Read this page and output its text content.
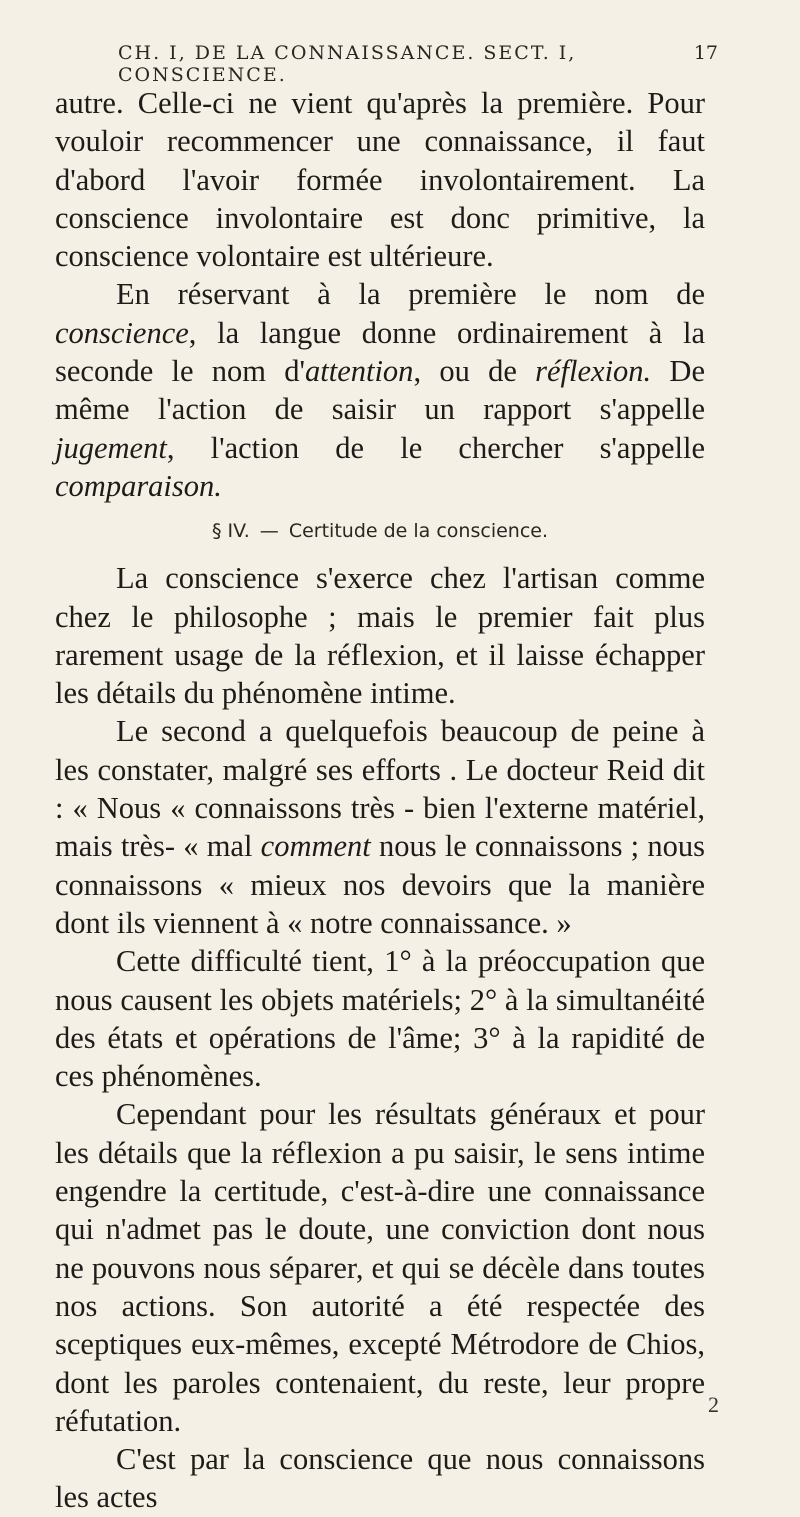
CH. I, DE LA CONNAISSANCE. SECT. I, CONSCIENCE.
17

autre. Celle-ci ne vient qu'après la première. Pour vouloir recommencer une connaissance, il faut d'abord l'avoir formée involontairement. La conscience involontaire est donc primitive, la conscience volontaire est ultérieure.

En réservant à la première le nom de conscience, la langue donne ordinairement à la seconde le nom d'attention, ou de réflexion. De même l'action de saisir un rapport s'appelle jugement, l'action de le chercher s'appelle comparaison.

§ IV. — Certitude de la conscience.

La conscience s'exerce chez l'artisan comme chez le philosophe ; mais le premier fait plus rarement usage de la réflexion, et il laisse échapper les détails du phénomène intime.

Le second a quelquefois beaucoup de peine à les constater, malgré ses efforts . Le docteur Reid dit : « Nous « connaissons très - bien l'externe matériel, mais très- « mal comment nous le connaissons ; nous connaissons « mieux nos devoirs que la manière dont ils viennent à « notre connaissance. »

Cette difficulté tient, 1° à la préoccupation que nous causent les objets matériels; 2° à la simultanéité des états et opérations de l'âme; 3° à la rapidité de ces phénomènes.

Cependant pour les résultats généraux et pour les détails que la réflexion a pu saisir, le sens intime engendre la certitude, c'est-à-dire une connaissance qui n'admet pas le doute, une conviction dont nous ne pouvons nous séparer, et qui se décèle dans toutes nos actions. Son autorité a été respectée des sceptiques eux-mêmes, excepté Métrodore de Chios, dont les paroles contenaient, du reste, leur propre réfutation.

C'est par la conscience que nous connaissons les actes

2
